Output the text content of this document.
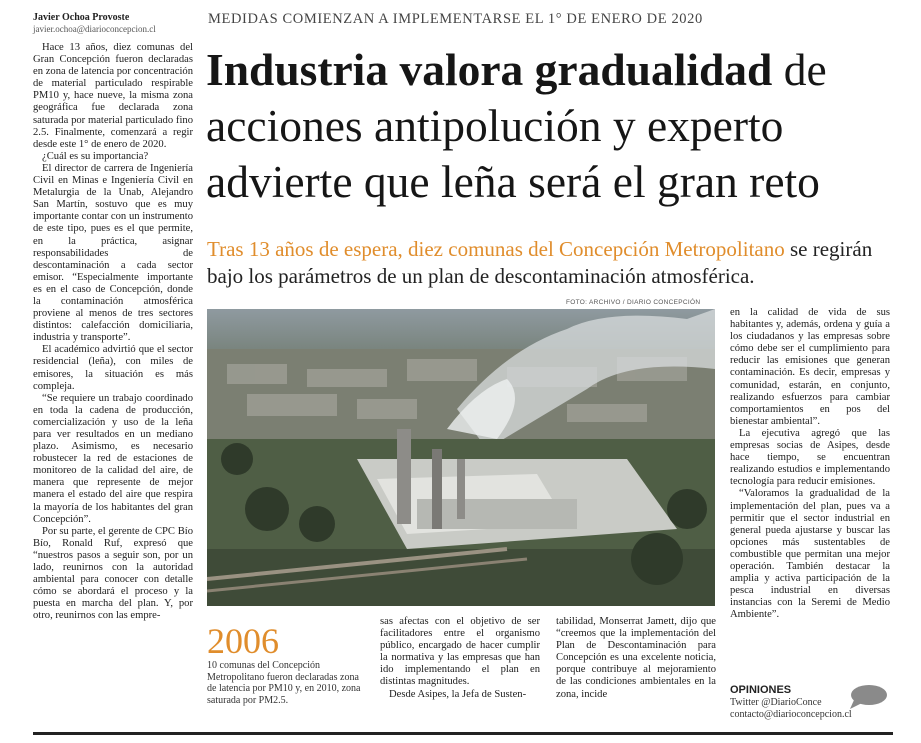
Javier Ochoa Provoste
javier.ochoa@diarioconcepcion.cl
MEDIDAS COMIENZAN A IMPLEMENTARSE EL 1° DE ENERO DE 2020
Industria valora gradualidad de acciones antipolución y experto advierte que leña será el gran reto
Tras 13 años de espera, diez comunas del Concepción Metropolitano se regirán bajo los parámetros de un plan de descontaminación atmosférica.

Hace 13 años, diez comunas del Gran Concepción fueron declaradas en zona de latencia por concentración de material particulado respirable PM10 y, hace nueve, la misma zona geográfica fue declarada zona saturada por material particulado fino 2.5. Finalmente, comenzará a regir desde este 1° de enero de 2020.

¿Cuál es su importancia?

El director de carrera de Ingeniería Civil en Minas e Ingeniería Civil en Metalurgia de la Unab, Alejandro San Martín, sostuvo que es muy importante contar con un instrumento de este tipo, pues es el que permite, en la práctica, asignar responsabilidades de descontaminación a cada sector emisor. “Especialmente importante es en el caso de Concepción, donde la contaminación atmosférica proviene al menos de tres sectores distintos: calefacción domiciliaria, industria y transporte”.

El académico advirtió que el sector residencial (leña), con miles de emisores, la situación es más compleja.

“Se requiere un trabajo coordinado en toda la cadena de producción, comercialización y uso de la leña para ver resultados en un mediano plazo. Asimismo, es necesario robustecer la red de estaciones de monitoreo de la calidad del aire, de manera que represente de mejor manera el estado del aire que respira la mayoría de los habitantes del gran Concepción”.

Por su parte, el gerente de CPC Bío Bío, Ronald Ruf, expresó que “nuestros pasos a seguir son, por un lado, reunirnos con la autoridad ambiental para conocer con detalle cómo se abordará el proceso y la puesta en marcha del plan. Y, por otro, reunirnos con las empre-

FOTO: ARCHIVO / DIARIO CONCEPCIÓN
2006
10 comunas del Concepción Metropolitano fueron declaradas zona de latencia por PM10 y, en 2010, zona saturada por PM2.5.

sas afectas con el objetivo de ser facilitadores entre el organismo público, encargado de hacer cumplir la normativa y las empresas que han ido implementando el plan en distintas magnitudes.

Desde Asipes, la Jefa de Susten-

tabilidad, Monserrat Jamett, dijo que “creemos que la implementación del Plan de Descontaminación para Concepción es una excelente noticia, porque contribuye al mejoramiento de las condiciones ambientales en la zona, incide

en la calidad de vida de sus habitantes y, además, ordena y guía a los ciudadanos y las empresas sobre cómo debe ser el cumplimiento para reducir las emisiones que generan contaminación. Es decir, empresas y comunidad, estarán, en conjunto, realizando esfuerzos para cambiar comportamientos en pos del bienestar ambiental”.

La ejecutiva agregó que las empresas socias de Asipes, desde hace tiempo, se encuentran realizando estudios e implementando tecnología para reducir emisiones.

“Valoramos la gradualidad de la implementación del plan, pues va a permitir que el sector industrial en general pueda ajustarse y buscar las opciones más sustentables de combustible que permitan una mejor operación. También destacar la amplia y activa participación de la pesca industrial en diversas instancias con la Seremi de Medio Ambiente”.

OPINIONES
Twitter @DiarioConce
contacto@diarioconcepcion.cl
